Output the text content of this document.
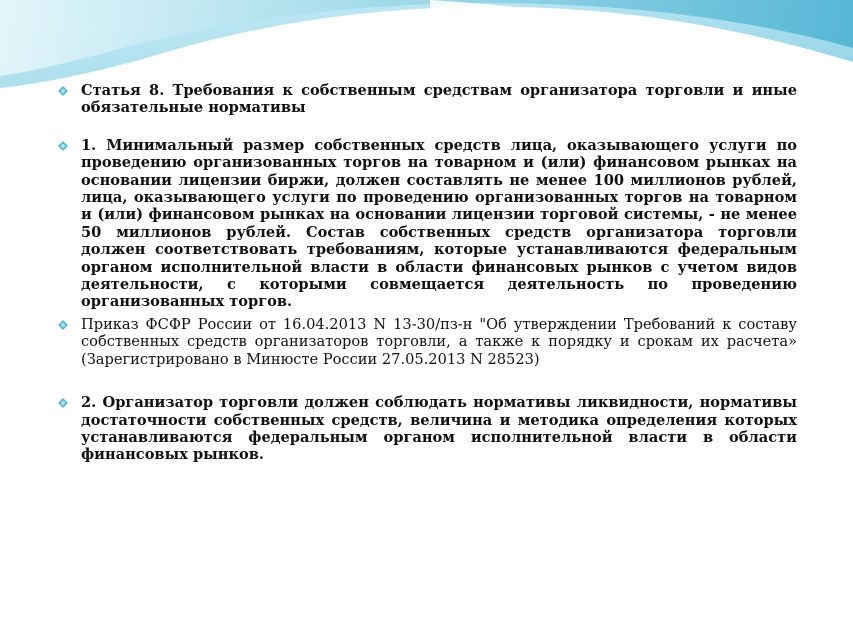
Статья 8. Требования к собственным средствам организатора торговли и иные обязательные нормативы
1. Минимальный размер собственных средств лица, оказывающего услуги по проведению организованных торгов на товарном и (или) финансовом рынках на основании лицензии биржи, должен составлять не менее 100 миллионов рублей, лица, оказывающего услуги по проведению организованных торгов на товарном и (или) финансовом рынках на основании лицензии торговой системы, - не менее 50 миллионов рублей. Состав собственных средств организатора торговли должен соответствовать требованиям, которые устанавливаются федеральным органом исполнительной власти в области финансовых рынков с учетом видов деятельности, с которыми совмещается деятельность по проведению организованных торгов.
Приказ ФСФР России от 16.04.2013 N 13-30/пз-н "Об утверждении Требований к составу собственных средств организаторов торговли, а также к порядку и срокам их расчета» (Зарегистрировано в Минюсте России 27.05.2013 N 28523)
2. Организатор торговли должен соблюдать нормативы ликвидности, нормативы достаточности собственных средств, величина и методика определения которых устанавливаются федеральным органом исполнительной власти в области финансовых рынков.
